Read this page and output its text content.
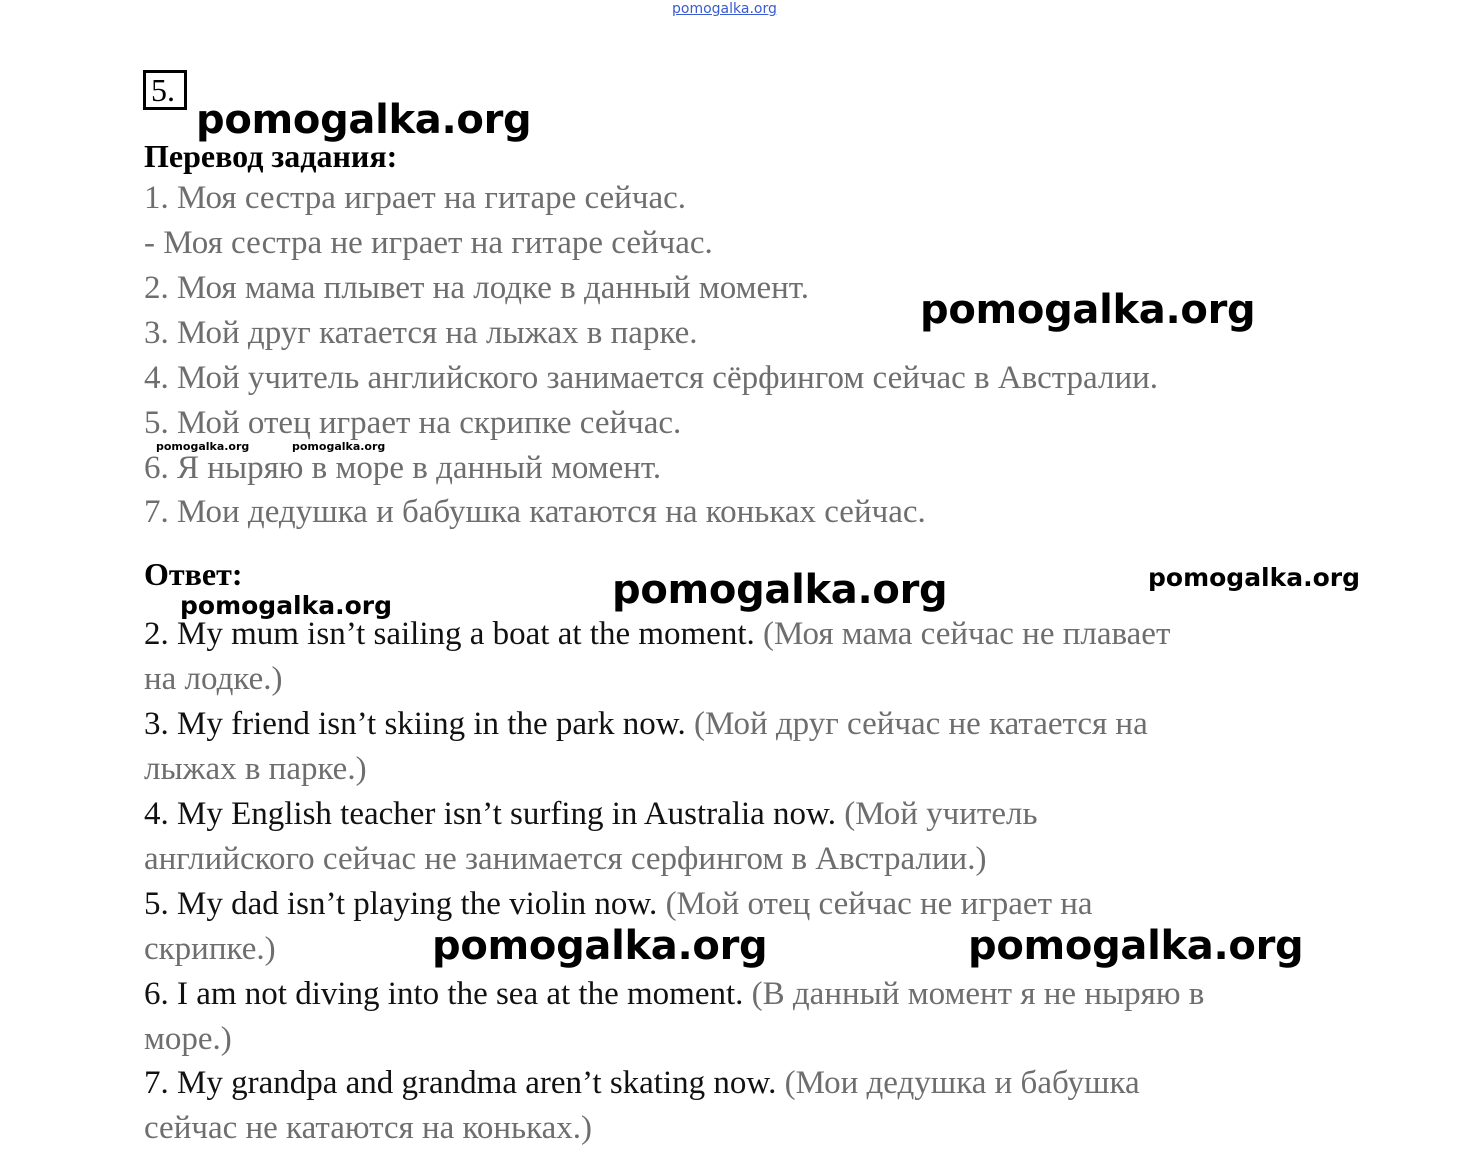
pomogalka.org
5.
pomogalka.org
Перевод задания:
1. Моя сестра играет на гитаре сейчас.
- Моя сестра не играет на гитаре сейчас.
2. Моя мама плывет на лодке в данный момент.
3. Мой друг катается на лыжах в парке.
4. Мой учитель английского занимается сёрфингом сейчас в Австралии.
5. Мой отец играет на скрипке сейчас.
6. Я ныряю в море в данный момент.
7. Мои дедушка и бабушка катаются на коньках сейчас.
pomogalka.org
pomogalka.org	pomogalka.org
Ответ:	pomogalka.org	pomogalka.org
pomogalka.org
2. My mum isn’t sailing a boat at the moment. (Моя мама сейчас не плавает
на лодке.)
3. My friend isn’t skiing in the park now. (Мой друг сейчас не катается на
лыжах в парке.)
4. My English teacher isn’t surfing in Australia now. (Мой учитель
английского сейчас не занимается серфингом в Австралии.)
5. My dad isn’t playing the violin now. (Мой отец сейчас не играет на
скрипке.)	pomogalka.org	pomogalka.org
6. I am not diving into the sea at the moment. (В данный момент я не ныряю в
море.)
7. My grandpa and grandma aren’t skating now. (Мои дедушка и бабушка
сейчас не катаются на коньках.)
